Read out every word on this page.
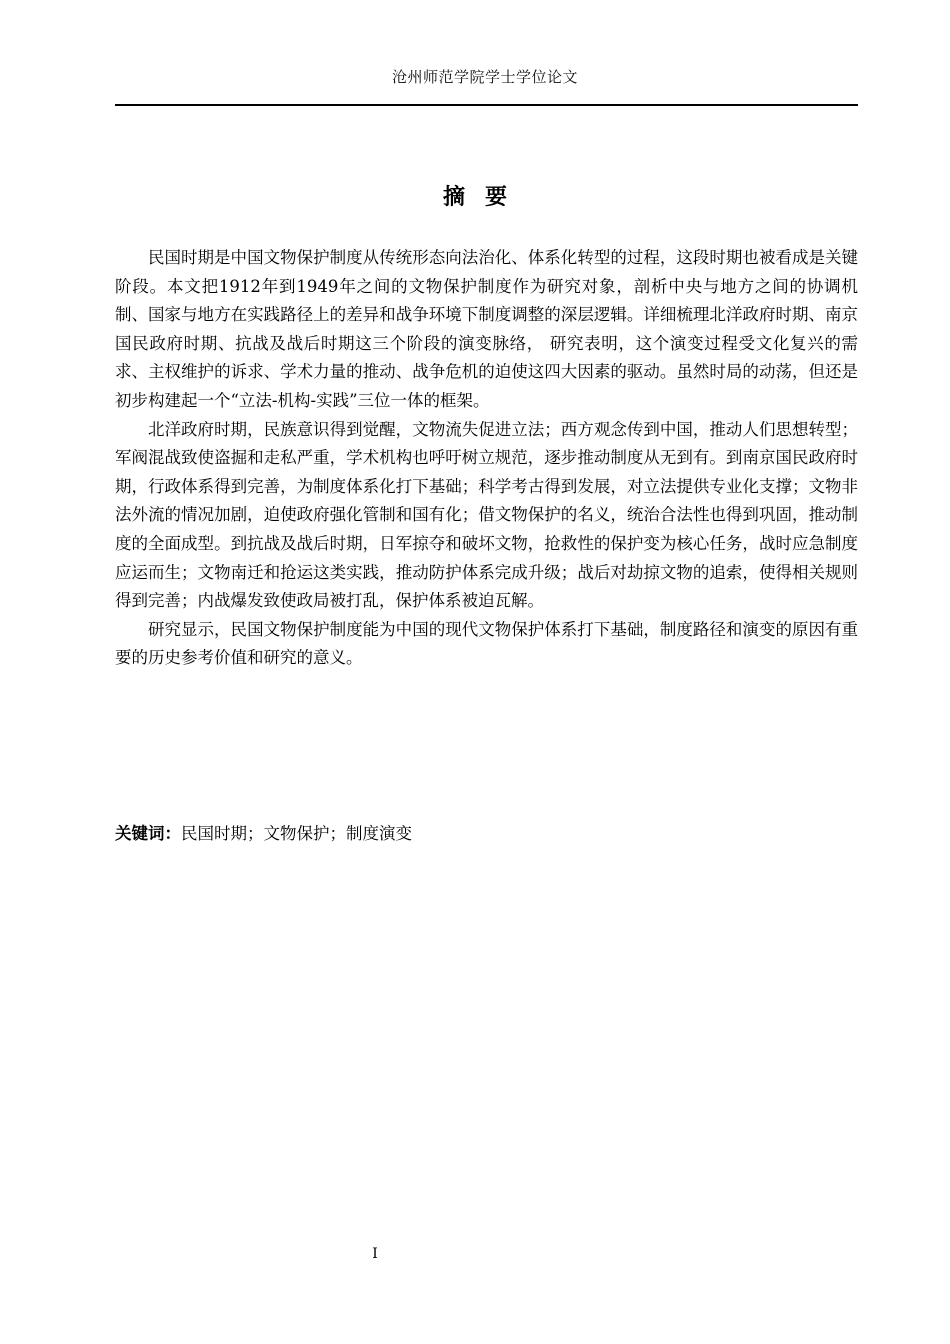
沧州师范学院学士学位论文
摘要

民国时期是中国文物保护制度从传统形态向法治化、体系化转型的过程，这段时期也被看成是关键阶段。本文把1912年到1949年之间的文物保护制度作为研究对象，剖析中央与地方之间的协调机制、国家与地方在实践路径上的差异和战争环境下制度调整的深层逻辑。详细梳理北洋政府时期、南京国民政府时期、抗战及战后时期这三个阶段的演变脉络， 研究表明，这个演变过程受文化复兴的需求、主权维护的诉求、学术力量的推动、战争危机的迫使这四大因素的驱动。虽然时局的动荡，但还是初步构建起一个“立法-机构-实践”三位一体的框架。

北洋政府时期，民族意识得到觉醒，文物流失促进立法；西方观念传到中国，推动人们思想转型；军阀混战致使盗掘和走私严重，学术机构也呼吁树立规范，逐步推动制度从无到有。到南京国民政府时期，行政体系得到完善，为制度体系化打下基础；科学考古得到发展，对立法提供专业化支撑；文物非法外流的情况加剧，迫使政府强化管制和国有化；借文物保护的名义，统治合法性也得到巩固，推动制度的全面成型。到抗战及战后时期，日军掠夺和破坏文物，抢救性的保护变为核心任务，战时应急制度应运而生；文物南迁和抢运这类实践，推动防护体系完成升级；战后对劫掠文物的追索，使得相关规则得到完善；内战爆发致使政局被打乱，保护体系被迫瓦解。

研究显示，民国文物保护制度能为中国的现代文物保护体系打下基础，制度路径和演变的原因有重要的历史参考价值和研究的意义。

关键词：民国时期；文物保护；制度演变
I
